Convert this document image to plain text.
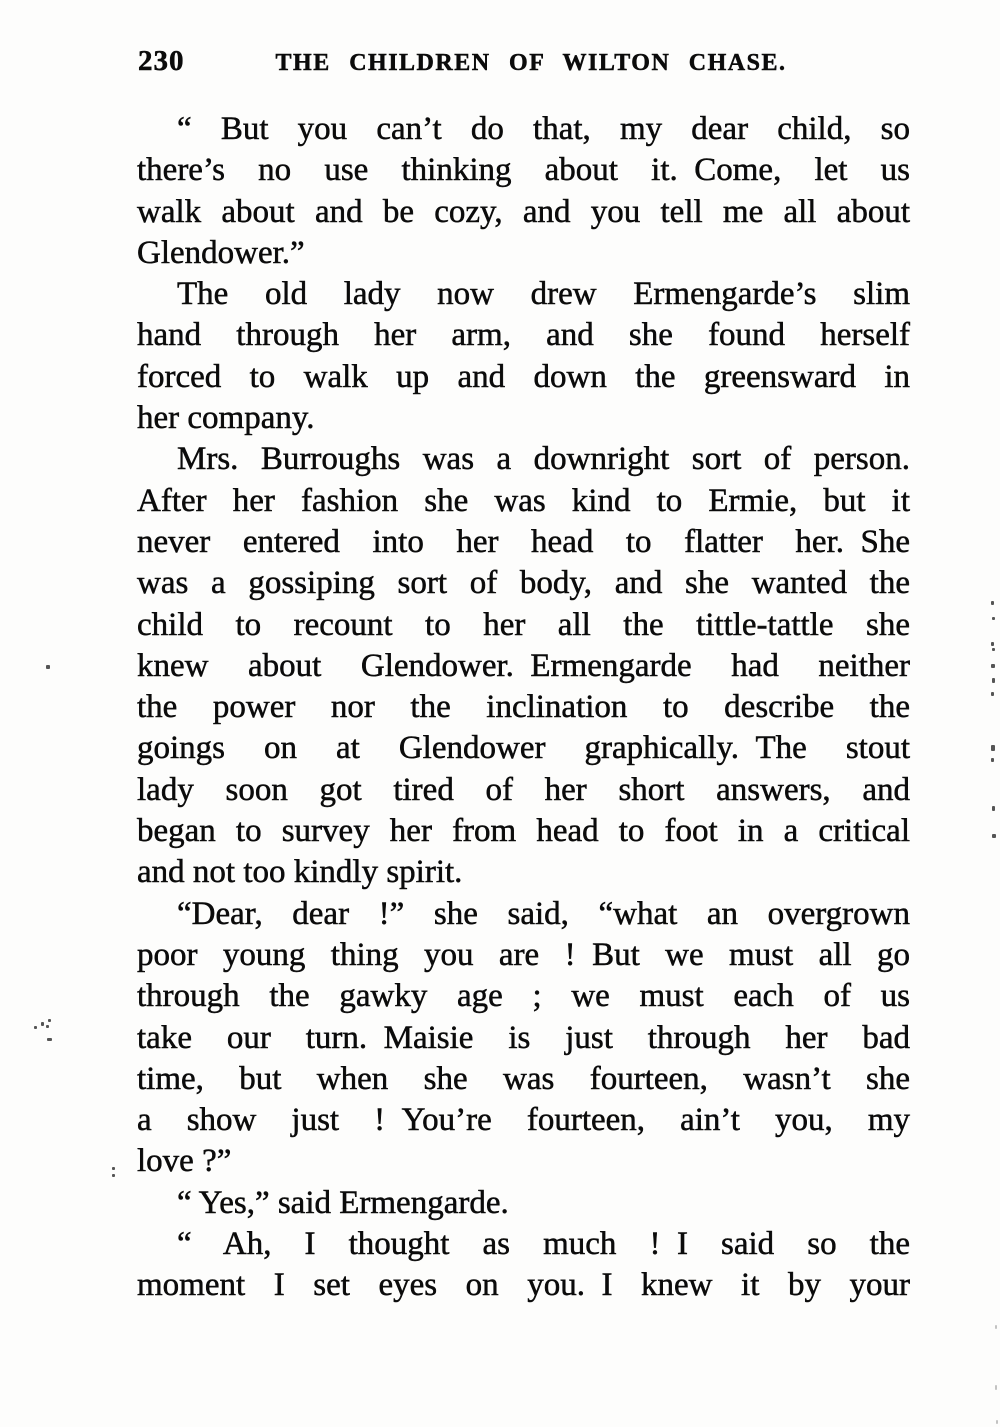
230	THE CHILDREN OF WILTON CHASE.
“ But you can’t do that, my dear child, so
there’s no use thinking about it. Come, let us
walk about and be cozy, and you tell me all about
Glendower.”
The old lady now drew Ermengarde’s slim
hand through her arm, and she found herself
forced to walk up and down the greensward in
her company.
Mrs. Burroughs was a downright sort of person.
After her fashion she was kind to Ermie, but it
never entered into her head to flatter her. She
was a gossiping sort of body, and she wanted the
child to recount to her all the tittle-tattle she
knew about Glendower. Ermengarde had neither
the power nor the inclination to describe the
goings on at Glendower graphically. The stout
lady soon got tired of her short answers, and
began to survey her from head to foot in a critical
and not too kindly spirit.
“Dear, dear !” she said, “what an overgrown
poor young thing you are ! But we must all go
through the gawky age ; we must each of us
take our turn. Maisie is just through her bad
time, but when she was fourteen, wasn’t she
a show just ! You’re fourteen, ain’t you, my
love ?”
“ Yes,” said Ermengarde.
“ Ah, I thought as much ! I said so the
moment I set eyes on you. I knew it by your
